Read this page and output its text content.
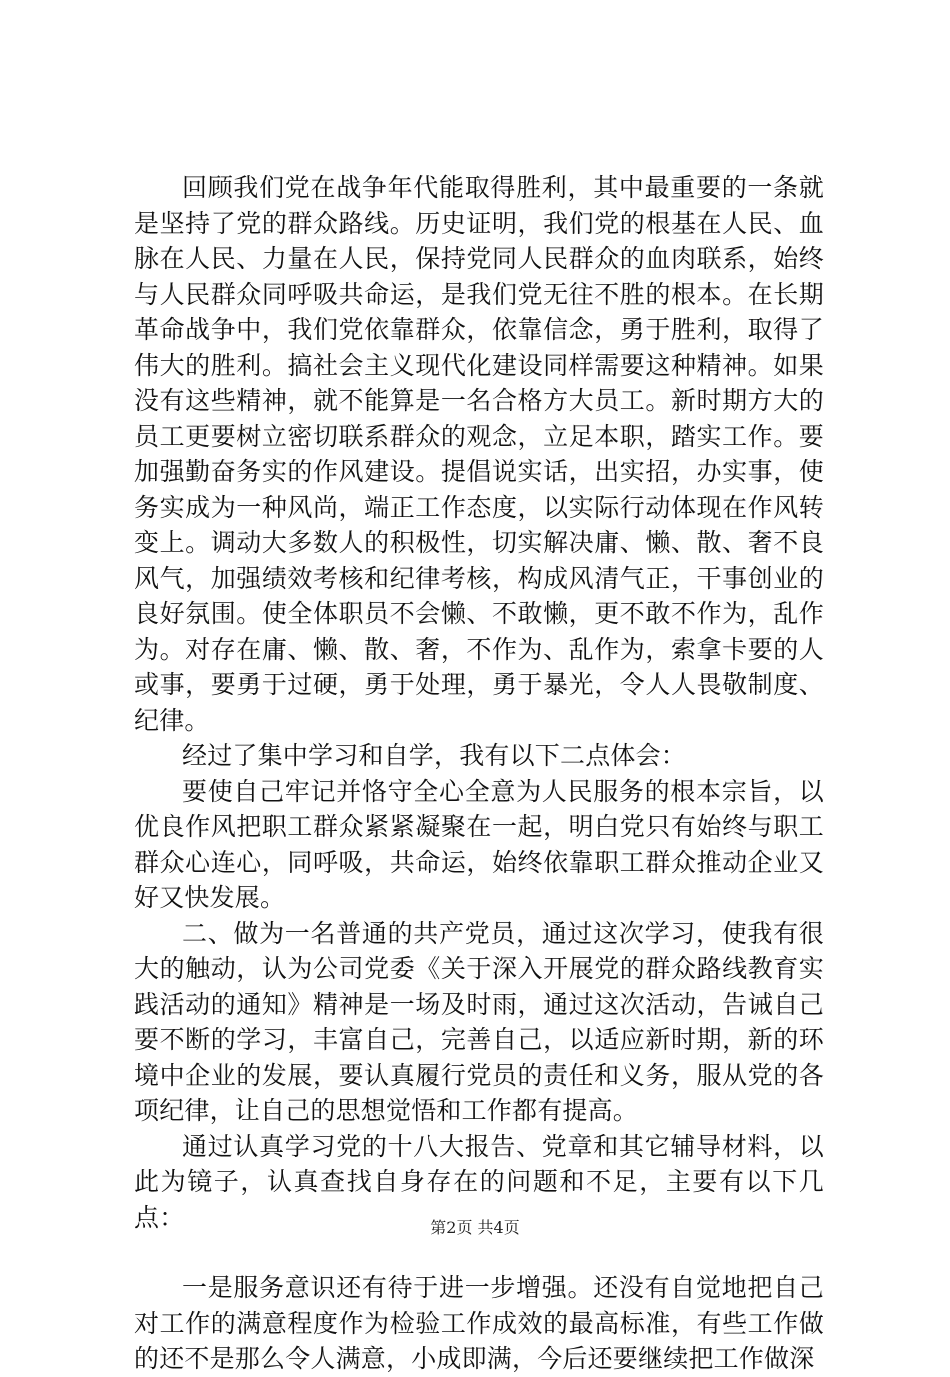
回顾我们党在战争年代能取得胜利，其中最重要的一条就是坚持了党的群众路线。历史证明，我们党的根基在人民、血脉在人民、力量在人民，保持党同人民群众的血肉联系，始终与人民群众同呼吸共命运，是我们党无往不胜的根本。在长期革命战争中，我们党依靠群众，依靠信念，勇于胜利，取得了伟大的胜利。搞社会主义现代化建设同样需要这种精神。如果没有这些精神，就不能算是一名合格方大员工。新时期方大的员工更要树立密切联系群众的观念，立足本职，踏实工作。要加强勤奋务实的作风建设。提倡说实话，出实招，办实事，使务实成为一种风尚，端正工作态度，以实际行动体现在作风转变上。调动大多数人的积极性，切实解决庸、懒、散、奢不良风气，加强绩效考核和纪律考核，构成风清气正，干事创业的良好氛围。使全体职员不会懒、不敢懒，更不敢不作为，乱作为。对存在庸、懒、散、奢，不作为、乱作为，索拿卡要的人或事，要勇于过硬，勇于处理，勇于暴光，令人人畏敬制度、纪律。

经过了集中学习和自学，我有以下二点体会：

要使自己牢记并恪守全心全意为人民服务的根本宗旨，以优良作风把职工群众紧紧凝聚在一起，明白党只有始终与职工群众心连心，同呼吸，共命运，始终依靠职工群众推动企业又好又快发展。

二、做为一名普通的共产党员，通过这次学习，使我有很大的触动，认为公司党委《关于深入开展党的群众路线教育实践活动的通知》精神是一场及时雨，通过这次活动，告诫自己要不断的学习，丰富自己，完善自己，以适应新时期，新的环境中企业的发展，要认真履行党员的责任和义务，服从党的各项纪律，让自己的思想觉悟和工作都有提高。

通过认真学习党的十八大报告、党章和其它辅导材料，以此为镜子，认真查找自身存在的问题和不足，主要有以下几点：

一是服务意识还有待于进一步增强。还没有自觉地把自己对工作的满意程度作为检验工作成效的最高标准，有些工作做的还不是那么令人满意，小成即满，今后还要继续把工作做深

第2页 共4页
